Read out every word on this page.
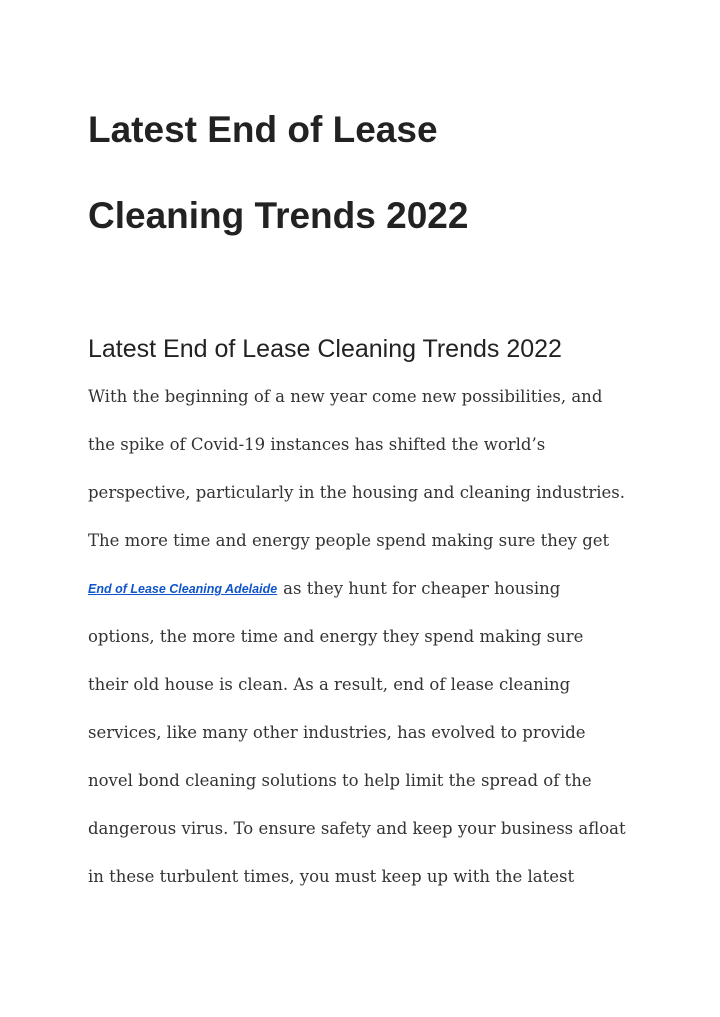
Latest End of Lease
Cleaning Trends 2022
Latest End of Lease Cleaning Trends 2022

With the beginning of a new year come new possibilities, and

the spike of Covid-19 instances has shifted the world’s

perspective, particularly in the housing and cleaning industries.

The more time and energy people spend making sure they get

End of Lease Cleaning Adelaide as they hunt for cheaper housing

options, the more time and energy they spend making sure

their old house is clean. As a result, end of lease cleaning

services, like many other industries, has evolved to provide

novel bond cleaning solutions to help limit the spread of the

dangerous virus. To ensure safety and keep your business afloat

in these turbulent times, you must keep up with the latest
